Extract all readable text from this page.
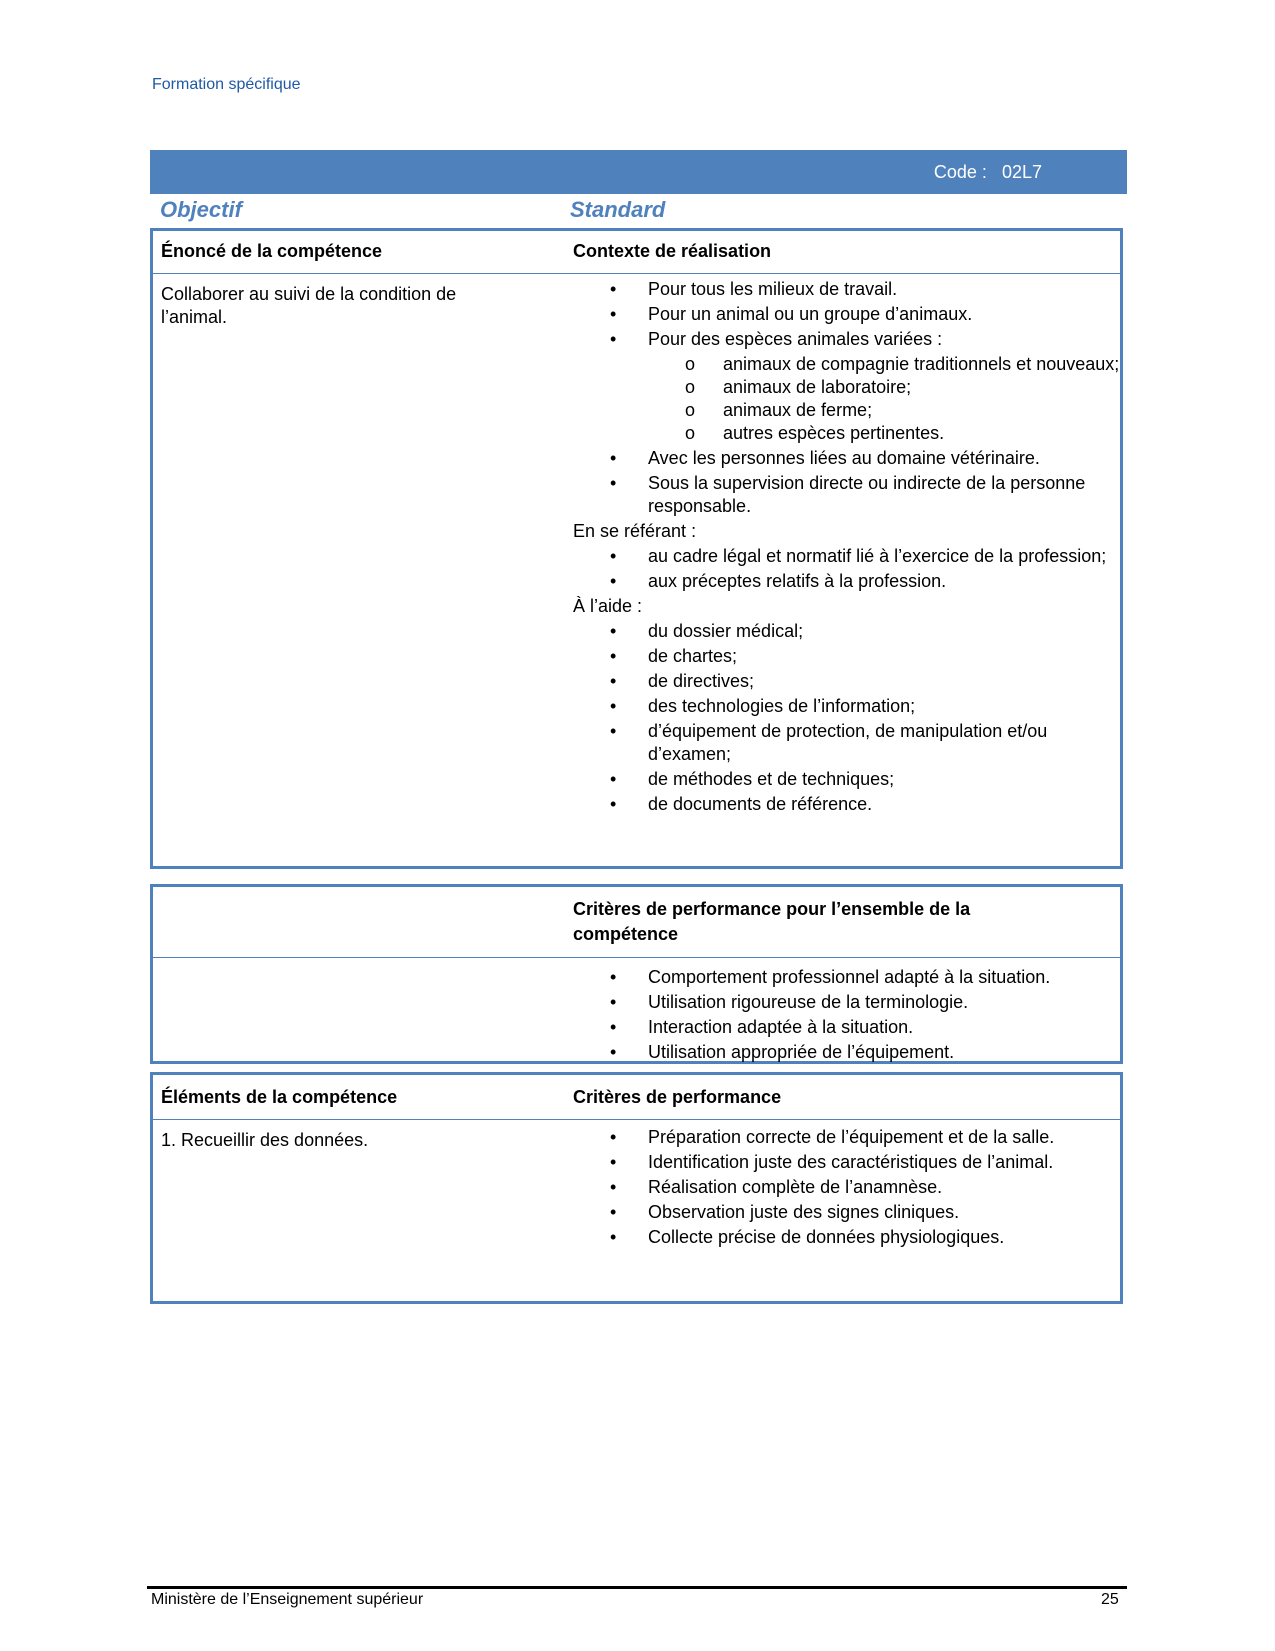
Formation spécifique
Code : 02L7
Objectif	Standard
Énoncé de la compétence	Contexte de réalisation
Collaborer au suivi de la condition de
l’animal.
• Pour tous les milieux de travail.
• Pour un animal ou un groupe d’animaux.
• Pour des espèces animales variées :
o animaux de compagnie traditionnels et nouveaux;
o animaux de laboratoire;
o animaux de ferme;
o autres espèces pertinentes.
• Avec les personnes liées au domaine vétérinaire.
• Sous la supervision directe ou indirecte de la personne responsable.
En se référant :
• au cadre légal et normatif lié à l’exercice de la profession;
• aux préceptes relatifs à la profession.
À l’aide :
• du dossier médical;
• de chartes;
• de directives;
• des technologies de l’information;
• d’équipement de protection, de manipulation et/ou d’examen;
• de méthodes et de techniques;
• de documents de référence.
Critères de performance pour l’ensemble de la compétence
• Comportement professionnel adapté à la situation.
• Utilisation rigoureuse de la terminologie.
• Interaction adaptée à la situation.
• Utilisation appropriée de l’équipement.
Éléments de la compétence	Critères de performance
1. Recueillir des données.
•	Préparation correcte de l’équipement et de la salle.
• Identification juste des caractéristiques de l’animal.
• Réalisation complète de l’anamnèse.
• Observation juste des signes cliniques.
• Collecte précise de données physiologiques.
Ministère de l’Enseignement supérieur	25
